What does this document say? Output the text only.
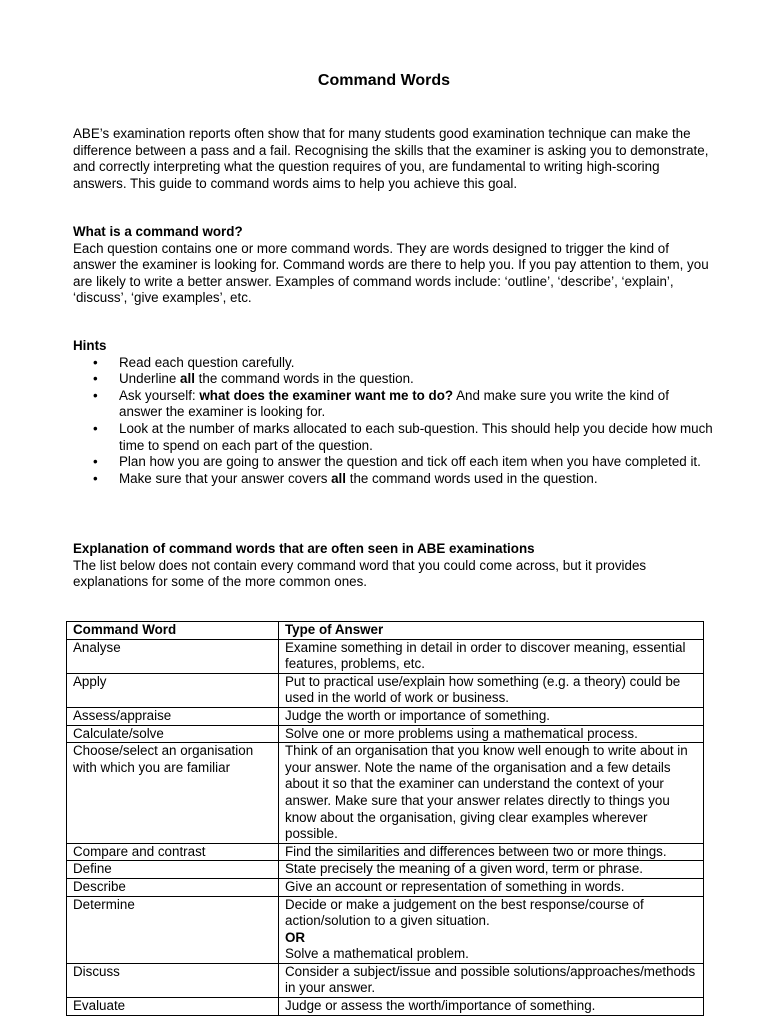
Command Words

ABE’s examination reports often show that for many students good examination technique can make the difference between a pass and a fail. Recognising the skills that the examiner is asking you to demonstrate, and correctly interpreting what the question requires of you, are fundamental to writing high-scoring answers. This guide to command words aims to help you achieve this goal.

What is a command word?

Each question contains one or more command words. They are words designed to trigger the kind of answer the examiner is looking for. Command words are there to help you. If you pay attention to them, you are likely to write a better answer. Examples of command words include: ‘outline’, ‘describe’, ‘explain’, ‘discuss’, ‘give examples’, etc.

Hints

• Read each question carefully.
• Underline all the command words in the question.
• Ask yourself: what does the examiner want me to do? And make sure you write the kind of answer the examiner is looking for.
• Look at the number of marks allocated to each sub-question. This should help you decide how much time to spend on each part of the question.
• Plan how you are going to answer the question and tick off each item when you have completed it.
• Make sure that your answer covers all the command words used in the question.

Explanation of command words that are often seen in ABE examinations

The list below does not contain every command word that you could come across, but it provides explanations for some of the more common ones.

Command Word	Type of Answer
Analyse	Examine something in detail in order to discover meaning, essential features, problems, etc.
Apply	Put to practical use/explain how something (e.g. a theory) could be used in the world of work or business.
Assess/appraise	Judge the worth or importance of something.
Calculate/solve	Solve one or more problems using a mathematical process.
Choose/select an organisation with which you are familiar	Think of an organisation that you know well enough to write about in your answer. Note the name of the organisation and a few details about it so that the examiner can understand the context of your answer. Make sure that your answer relates directly to things you know about the organisation, giving clear examples wherever possible.
Compare and contrast	Find the similarities and differences between two or more things.
Define	State precisely the meaning of a given word, term or phrase.
Describe	Give an account or representation of something in words.
Determine	Decide or make a judgement on the best response/course of action/solution to a given situation.
OR
Solve a mathematical problem.

Discuss	Consider a subject/issue and possible solutions/approaches/methods in your answer.
Evaluate	Judge or assess the worth/importance of something.
